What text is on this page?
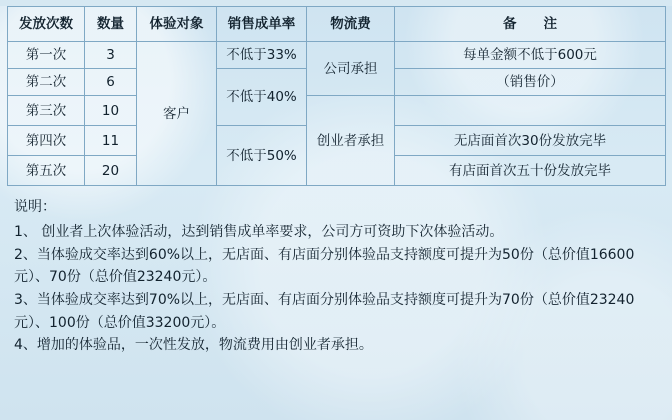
发放次数	数量	体验对象	销售成单率	物流费	备　　注
第一次	3	客户	不低于33%	公司承担	每单金额不低于600元
第二次	6		不低于40%		（销售价）
第三次	10			创业者承担	
第四次	11		不低于50%		无店面首次30份发放完毕
第五次	20				有店面首次五十份发放完毕
说明：

1、 创业者上次体验活动，达到销售成单率要求，公司方可资助下次体验活动。

2、当体验成交率达到60%以上，无店面、有店面分别体验品支持额度可提升为50份（总价值16600元）、70份（总价值23240元）。

3、当体验成交率达到70%以上，无店面、有店面分别体验品支持额度可提升为70份（总价值23240元）、100份（总价值33200元）。

4、增加的体验品，一次性发放，物流费用由创业者承担。
